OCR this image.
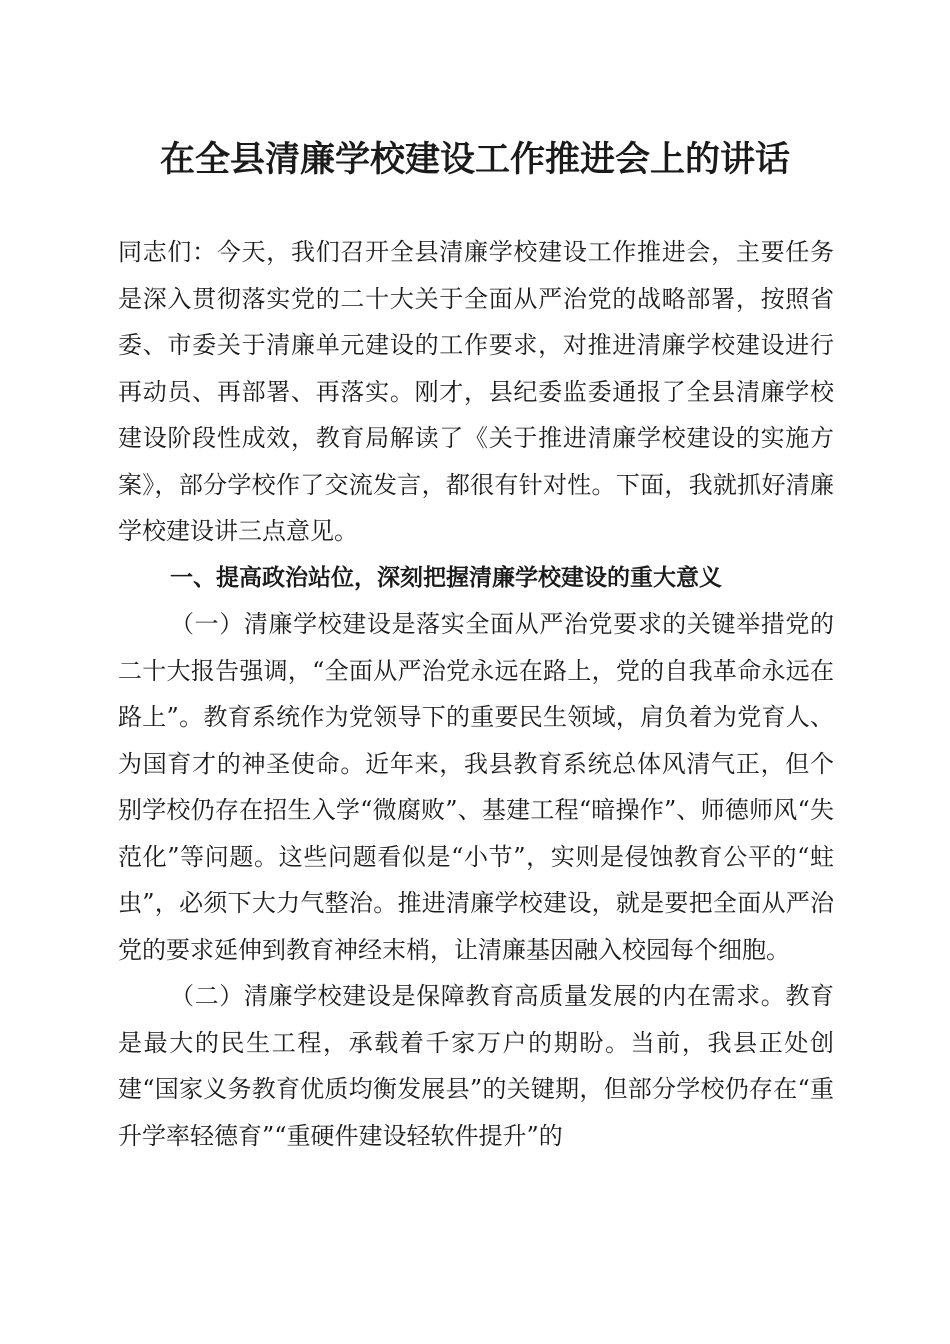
在全县清廉学校建设工作推进会上的讲话

同志们：今天，我们召开全县清廉学校建设工作推进会，主要任务是深入贯彻落实党的二十大关于全面从严治党的战略部署，按照省委、市委关于清廉单元建设的工作要求，对推进清廉学校建设进行再动员、再部署、再落实。刚才，县纪委监委通报了全县清廉学校建设阶段性成效，教育局解读了《关于推进清廉学校建设的实施方案》，部分学校作了交流发言，都很有针对性。下面，我就抓好清廉学校建设讲三点意见。

一、提高政治站位，深刻把握清廉学校建设的重大意义

（一）清廉学校建设是落实全面从严治党要求的关键举措党的二十大报告强调，“全面从严治党永远在路上，党的自我革命永远在路上”。教育系统作为党领导下的重要民生领域，肩负着为党育人、为国育才的神圣使命。近年来，我县教育系统总体风清气正，但个别学校仍存在招生入学“微腐败”、基建工程“暗操作”、师德师风“失范化”等问题。这些问题看似是“小节”，实则是侵蚀教育公平的“蛀虫”，必须下大力气整治。推进清廉学校建设，就是要把全面从严治党的要求延伸到教育神经末梢，让清廉基因融入校园每个细胞。

（二）清廉学校建设是保障教育高质量发展的内在需求。教育是最大的民生工程，承载着千家万户的期盼。当前，我县正处创建“国家义务教育优质均衡发展县”的关键期，但部分学校仍存在“重升学率轻德育”“重硬件建设轻软件提升”的
